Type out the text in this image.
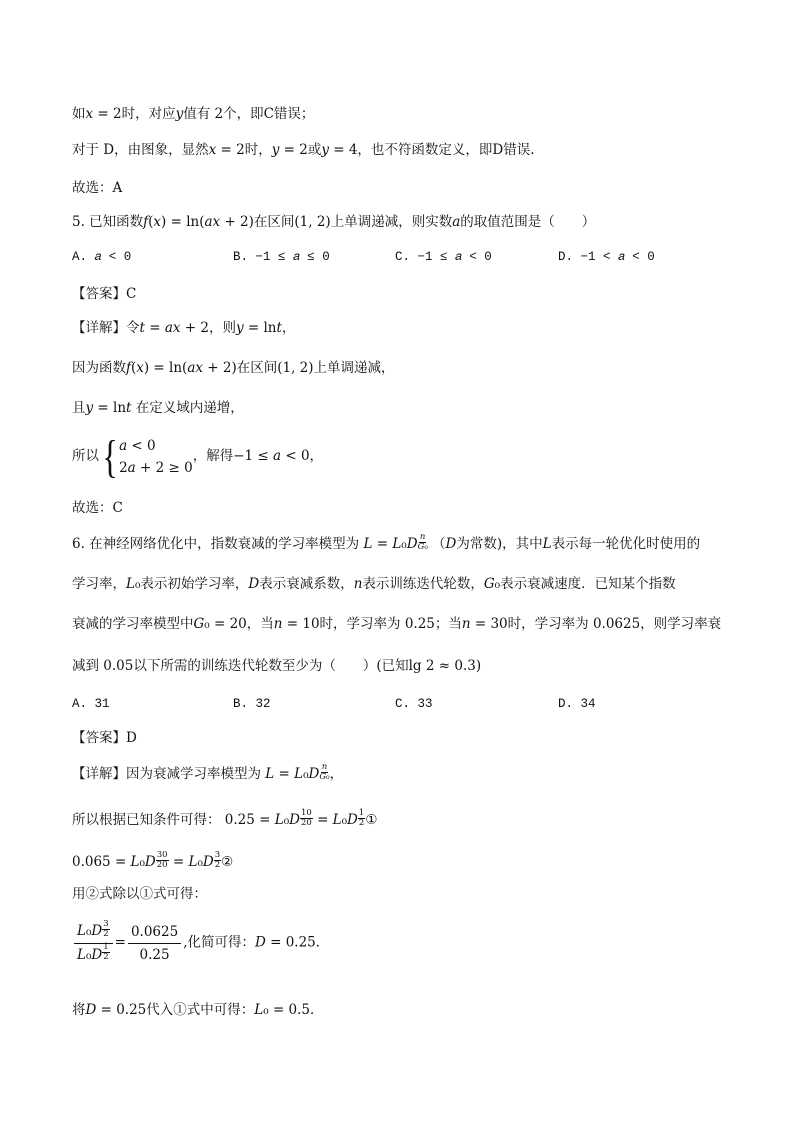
如𝑥 = 2时，对应𝑦值有 2个，即C错误；
对于 D，由图象，显然𝑥 = 2时，𝑦 = 2或𝑦 = 4，也不符函数定义，即D错误.
故选：A
5. 已知函数𝑓(𝑥) = ln(𝑎𝑥 + 2)在区间(1, 2)上单调递减，则实数𝑎的取值范围是（　　）
A. 𝑎 < 0	B. −1 ≤ 𝑎 ≤ 0	C. −1 ≤ 𝑎 < 0	D. −1 < 𝑎 < 0
【答案】C
【详解】令𝑡 = 𝑎𝑥 + 2，则𝑦 = ln𝑡，
因为函数𝑓(𝑥) = ln(𝑎𝑥 + 2)在区间(1, 2)上单调递减，
且𝑦 = ln𝑡 在定义域内递增，
所以{ 𝑎 < 0
2𝑎 + 2 ≥ 0
，解得−1 ≤ 𝑎 < 0，
故选：C
6. 在神经网络优化中，指数衰减的学习率模型为 𝐿 = 𝐿₀𝐷 𝑛
𝐺₀ （𝐷为常数)，其中𝐿表示每一轮优化时使用的
学习率，𝐿₀表示初始学习率，𝐷表示衰减系数，𝑛表示训练迭代轮数，𝐺₀表示衰减速度．已知某个指数
衰减的学习率模型中𝐺₀ = 20，当𝑛 = 10时，学习率为 0.25；当𝑛 = 30时，学习率为 0.0625，则学习率衰
减到 0.05以下所需的训练迭代轮数至少为（　　）(已知lg 2 ≈ 0.3)
A. 31	B. 32	C. 33	D. 34
【答案】D
【详解】因为衰减学习率模型为 𝐿 = 𝐿₀𝐷 𝑛
𝐺₀ ，
所以根据已知条件可得： 0.25 = 𝐿₀𝐷 $\frac{10}{20}$ = 𝐿₀𝐷 $\frac{1}{2}$ ①
0.065 = 𝐿₀𝐷 $\frac{30}{20}$ = 𝐿₀𝐷 $\frac{3}{2}$ ②
用②式除以①式可得：
$\frac{𝐿_0𝐷 \frac{3}{2}}{𝐿_0𝐷 \frac{1}{2}} = \frac{0.0625}{0.25}$ ,化简可得：𝐷 = 0.25．
将𝐷 = 0.25代入①式中可得：𝐿₀ = 0.5．
